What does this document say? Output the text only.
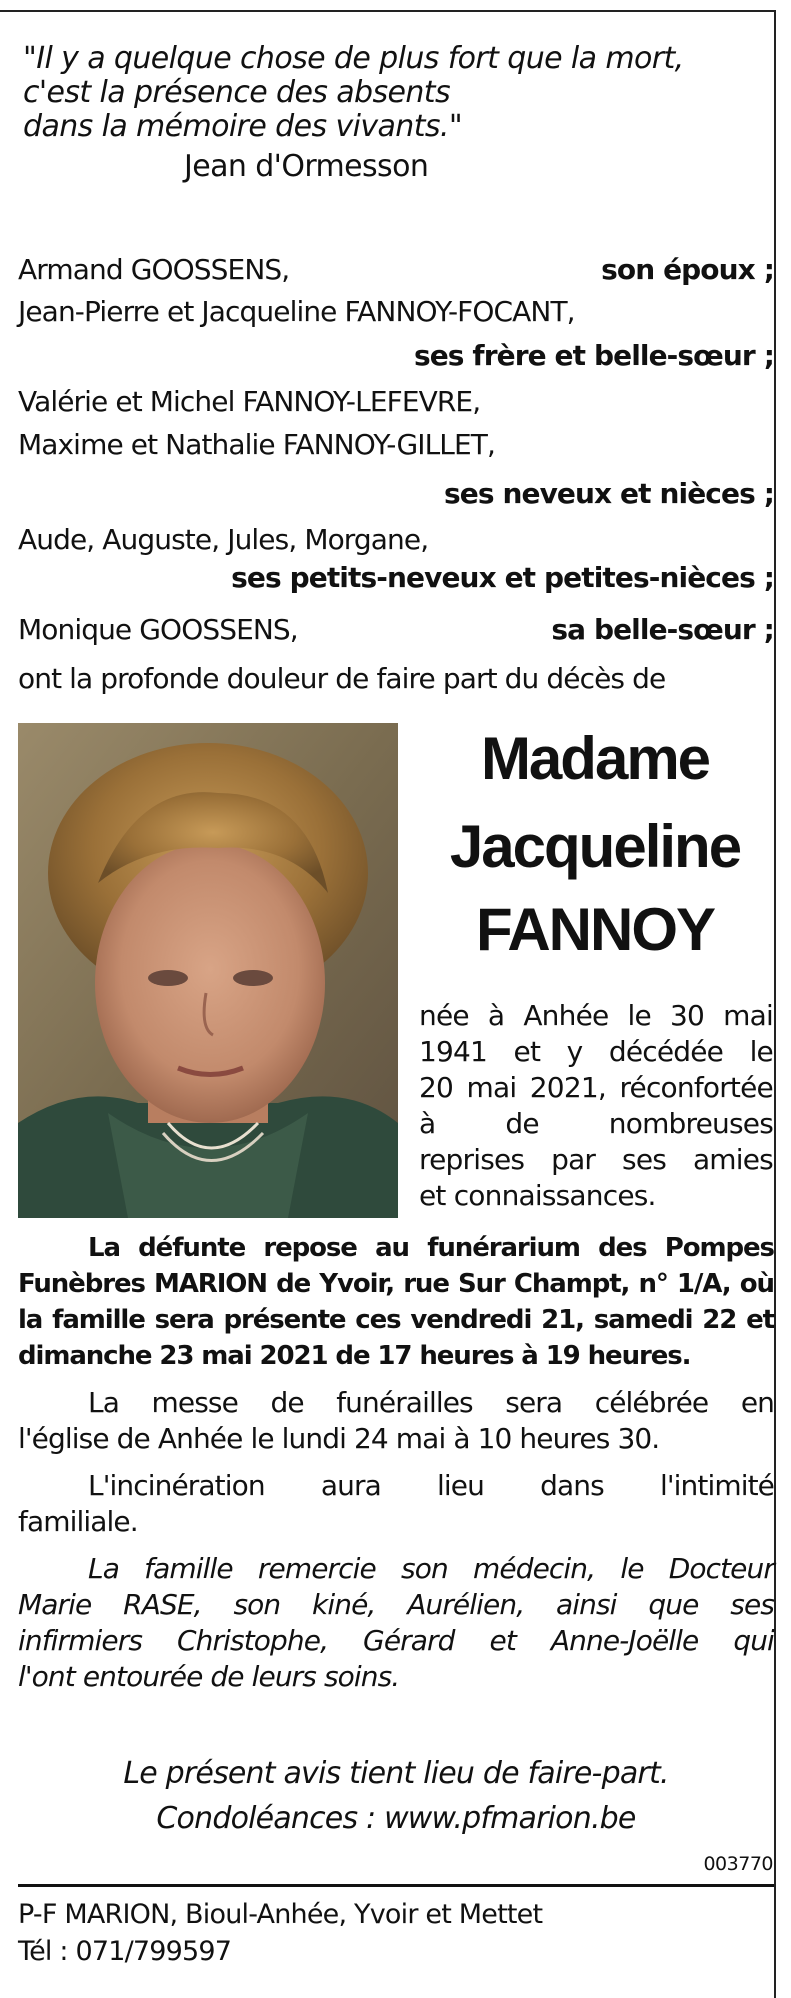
"Il y a quelque chose de plus fort que la mort,
c'est la présence des absents
dans la mémoire des vivants."
Jean d'Ormesson
Armand GOOSSENS,	son époux ;
Jean-Pierre et Jacqueline FANNOY-FOCANT,
ses frère et belle-sœur ;
Valérie et Michel FANNOY-LEFEVRE,
Maxime et Nathalie FANNOY-GILLET,
ses neveux et nièces ;
Aude, Auguste, Jules, Morgane,
ses petits-neveux et petites-nièces ;
Monique GOOSSENS,	sa belle-sœur ;
ont la profonde douleur de faire part du décès de
Madame
Jacqueline
FANNOY
née à Anhée le 30 mai
1941 et y décédée le
20 mai 2021, réconfortée
à	de	nombreuses
reprises par ses amies
et connaissances.
La défunte repose au funérarium des Pompes
Funèbres MARION de Yvoir, rue Sur Champt, n° 1/A, où
la famille sera présente ces vendredi 21, samedi 22 et
dimanche 23 mai 2021 de 17 heures à 19 heures.
La messe de funérailles sera célébrée en
l'église de Anhée le lundi 24 mai à 10 heures 30.
L'incinération aura lieu dans l'intimité
familiale.
La famille remercie son médecin, le Docteur
Marie RASE, son kiné, Aurélien, ainsi que ses
infirmiers Christophe, Gérard et Anne-Joëlle qui
l'ont entourée de leurs soins.
Le présent avis tient lieu de faire-part.
Condoléances : www.pfmarion.be
003770
P-F MARION, Bioul-Anhée, Yvoir et Mettet
Tél : 071/799597
